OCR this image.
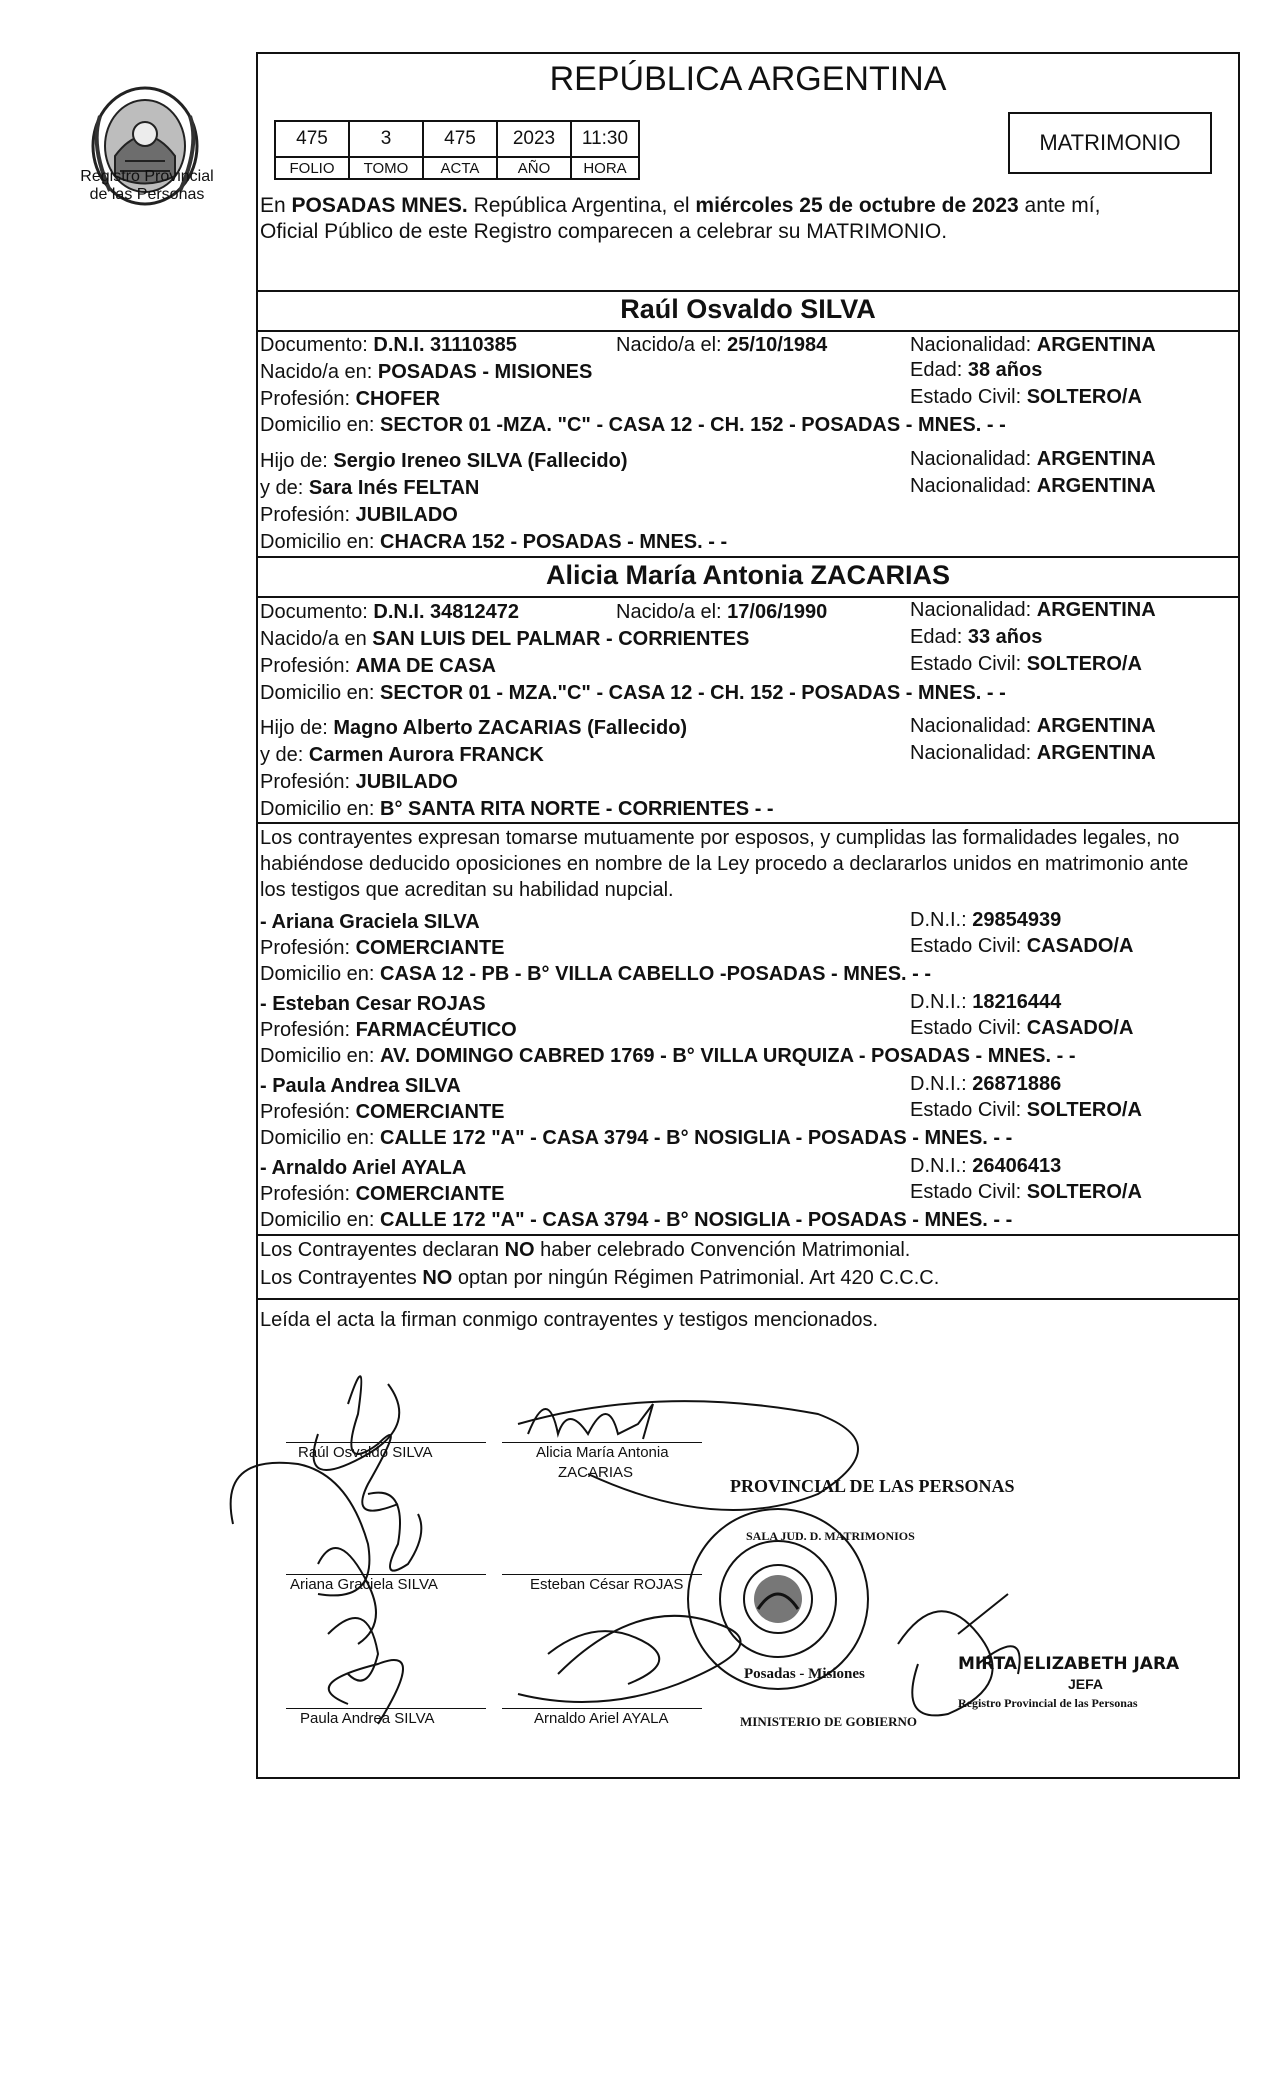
Registro Provincial
de las Personas
REPÚBLICA ARGENTINA
475	3	475	2023	11:30
FOLIO	TOMO	ACTA	AÑO	HORA
MATRIMONIO
En POSADAS MNES. República Argentina, el miércoles 25 de octubre de 2023 ante mí,
Oficial Público de este Registro comparecen a celebrar su MATRIMONIO.
Raúl Osvaldo SILVA
Documento: D.N.I. 31110385	Nacido/a el: 25/10/1984	Nacionalidad: ARGENTINA
Nacido/a en: POSADAS - MISIONES	Edad: 38 años
Profesión: CHOFER	Estado Civil: SOLTERO/A
Domicilio en: SECTOR 01 -MZA. "C" - CASA 12 - CH. 152 - POSADAS - MNES. - -
Hijo de: Sergio Ireneo SILVA (Fallecido)	Nacionalidad: ARGENTINA
y de: Sara Inés FELTAN	Nacionalidad: ARGENTINA
Profesión: JUBILADO
Domicilio en: CHACRA 152 - POSADAS - MNES. - -
Alicia María Antonia ZACARIAS
Documento: D.N.I. 34812472	Nacido/a el: 17/06/1990	Nacionalidad: ARGENTINA
Nacido/a en SAN LUIS DEL PALMAR - CORRIENTES	Edad: 33 años
Profesión: AMA DE CASA	Estado Civil: SOLTERO/A
Domicilio en: SECTOR 01 - MZA."C" - CASA 12 - CH. 152 - POSADAS - MNES. - -
Hijo de: Magno Alberto ZACARIAS (Fallecido)	Nacionalidad: ARGENTINA
y de: Carmen Aurora FRANCK	Nacionalidad: ARGENTINA
Profesión: JUBILADO
Domicilio en: B° SANTA RITA NORTE - CORRIENTES - -
Los contrayentes expresan tomarse mutuamente por esposos, y cumplidas las formalidades legales, no
habiéndose deducido oposiciones en nombre de la Ley procedo a declararlos unidos en matrimonio ante
los testigos que acreditan su habilidad nupcial.
- Ariana Graciela SILVA	D.N.I.: 29854939
Profesión: COMERCIANTE	Estado Civil: CASADO/A
Domicilio en: CASA 12 - PB - B° VILLA CABELLO -POSADAS - MNES. - -
- Esteban Cesar ROJAS	D.N.I.: 18216444
Profesión: FARMACÉUTICO	Estado Civil: CASADO/A
Domicilio en: AV. DOMINGO CABRED 1769 - B° VILLA URQUIZA - POSADAS - MNES. - -
- Paula Andrea SILVA	D.N.I.: 26871886
Profesión: COMERCIANTE	Estado Civil: SOLTERO/A
Domicilio en: CALLE 172 "A" - CASA 3794 - B° NOSIGLIA - POSADAS - MNES. - -
- Arnaldo Ariel AYALA	D.N.I.: 26406413
Profesión: COMERCIANTE	Estado Civil: SOLTERO/A
Domicilio en: CALLE 172 "A" - CASA 3794 - B° NOSIGLIA - POSADAS - MNES. - -
Los Contrayentes declaran NO haber celebrado Convención Matrimonial.
Los Contrayentes NO optan por ningún Régimen Patrimonial. Art 420 C.C.C.
Leída el acta la firman conmigo contrayentes y testigos mencionados.
Raúl Osvaldo SILVA	Alicia María Antonia
ZACARIAS
Ariana Graciela SILVA	Esteban César ROJAS
Paula Andrea SILVA	Arnaldo Ariel AYALA
PROVINCIAL DE LAS PERSONAS
SALA JUD. D. MATRIMONIOS
Posadas - Misiones
MINISTERIO DE GOBIERNO
MIRTA ELIZABETH JARA
JEFA
Registro Provincial de las Personas
